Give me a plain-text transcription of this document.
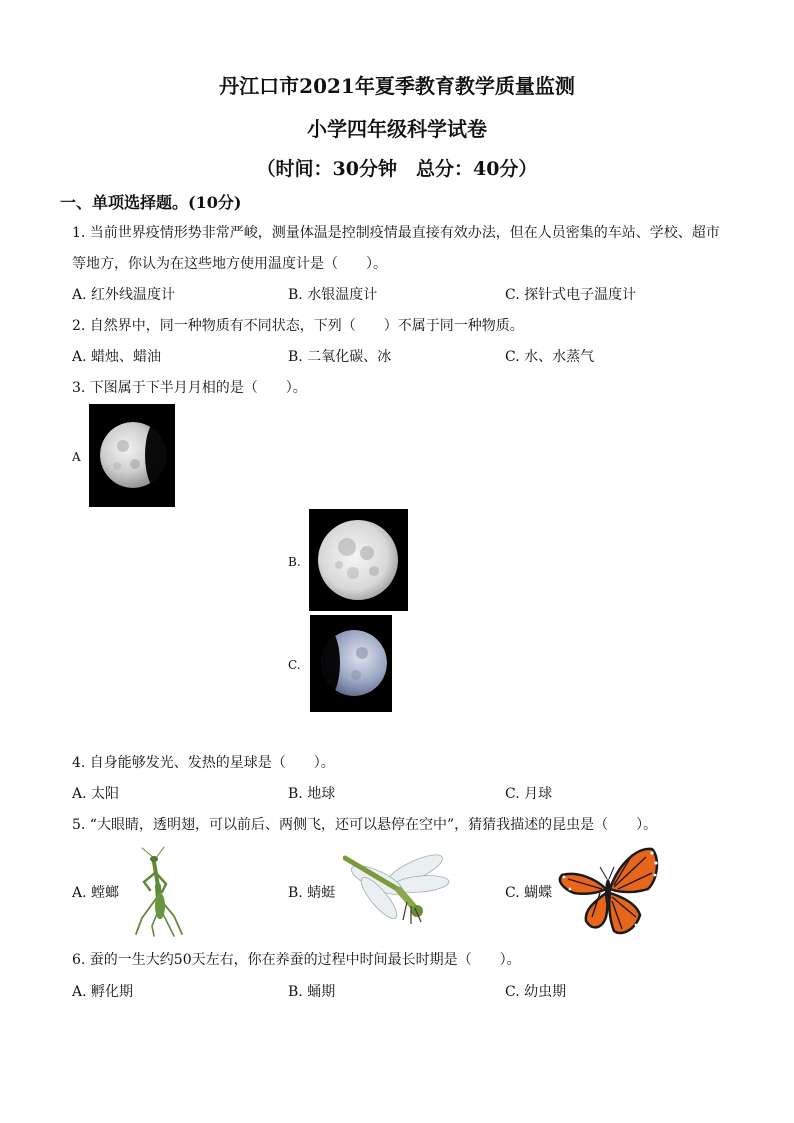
丹江口市2021年夏季教育教学质量监测
小学四年级科学试卷
（时间：30分钟　总分：40分）
一、单项选择题。(10分)
1. 当前世界疫情形势非常严峻，测量体温是控制疫情最直接有效办法，但在人员密集的车站、学校、超市
等地方，你认为在这些地方使用温度计是（　　）。
A. 红外线温度计	B. 水银温度计	C. 探针式电子温度计
2. 自然界中，同一种物质有不同状态，下列（　　）不属于同一种物质。
A. 蜡烛、蜡油	B. 二氧化碳、冰	C. 水、水蒸气
3. 下图属于下半月月相的是（　　）。
A
B.
C.
4. 自身能够发光、发热的星球是（　　）。
A. 太阳	B. 地球	C. 月球
5. “大眼睛，透明翅，可以前后、两侧飞，还可以悬停在空中”，猜猜我描述的昆虫是（　　）。
A. 螳螂	B. 蜻蜓	C. 蝴蝶
6. 蚕的一生大约50天左右，你在养蚕的过程中时间最长时期是（　　）。
A. 孵化期	B. 蛹期	C. 幼虫期
